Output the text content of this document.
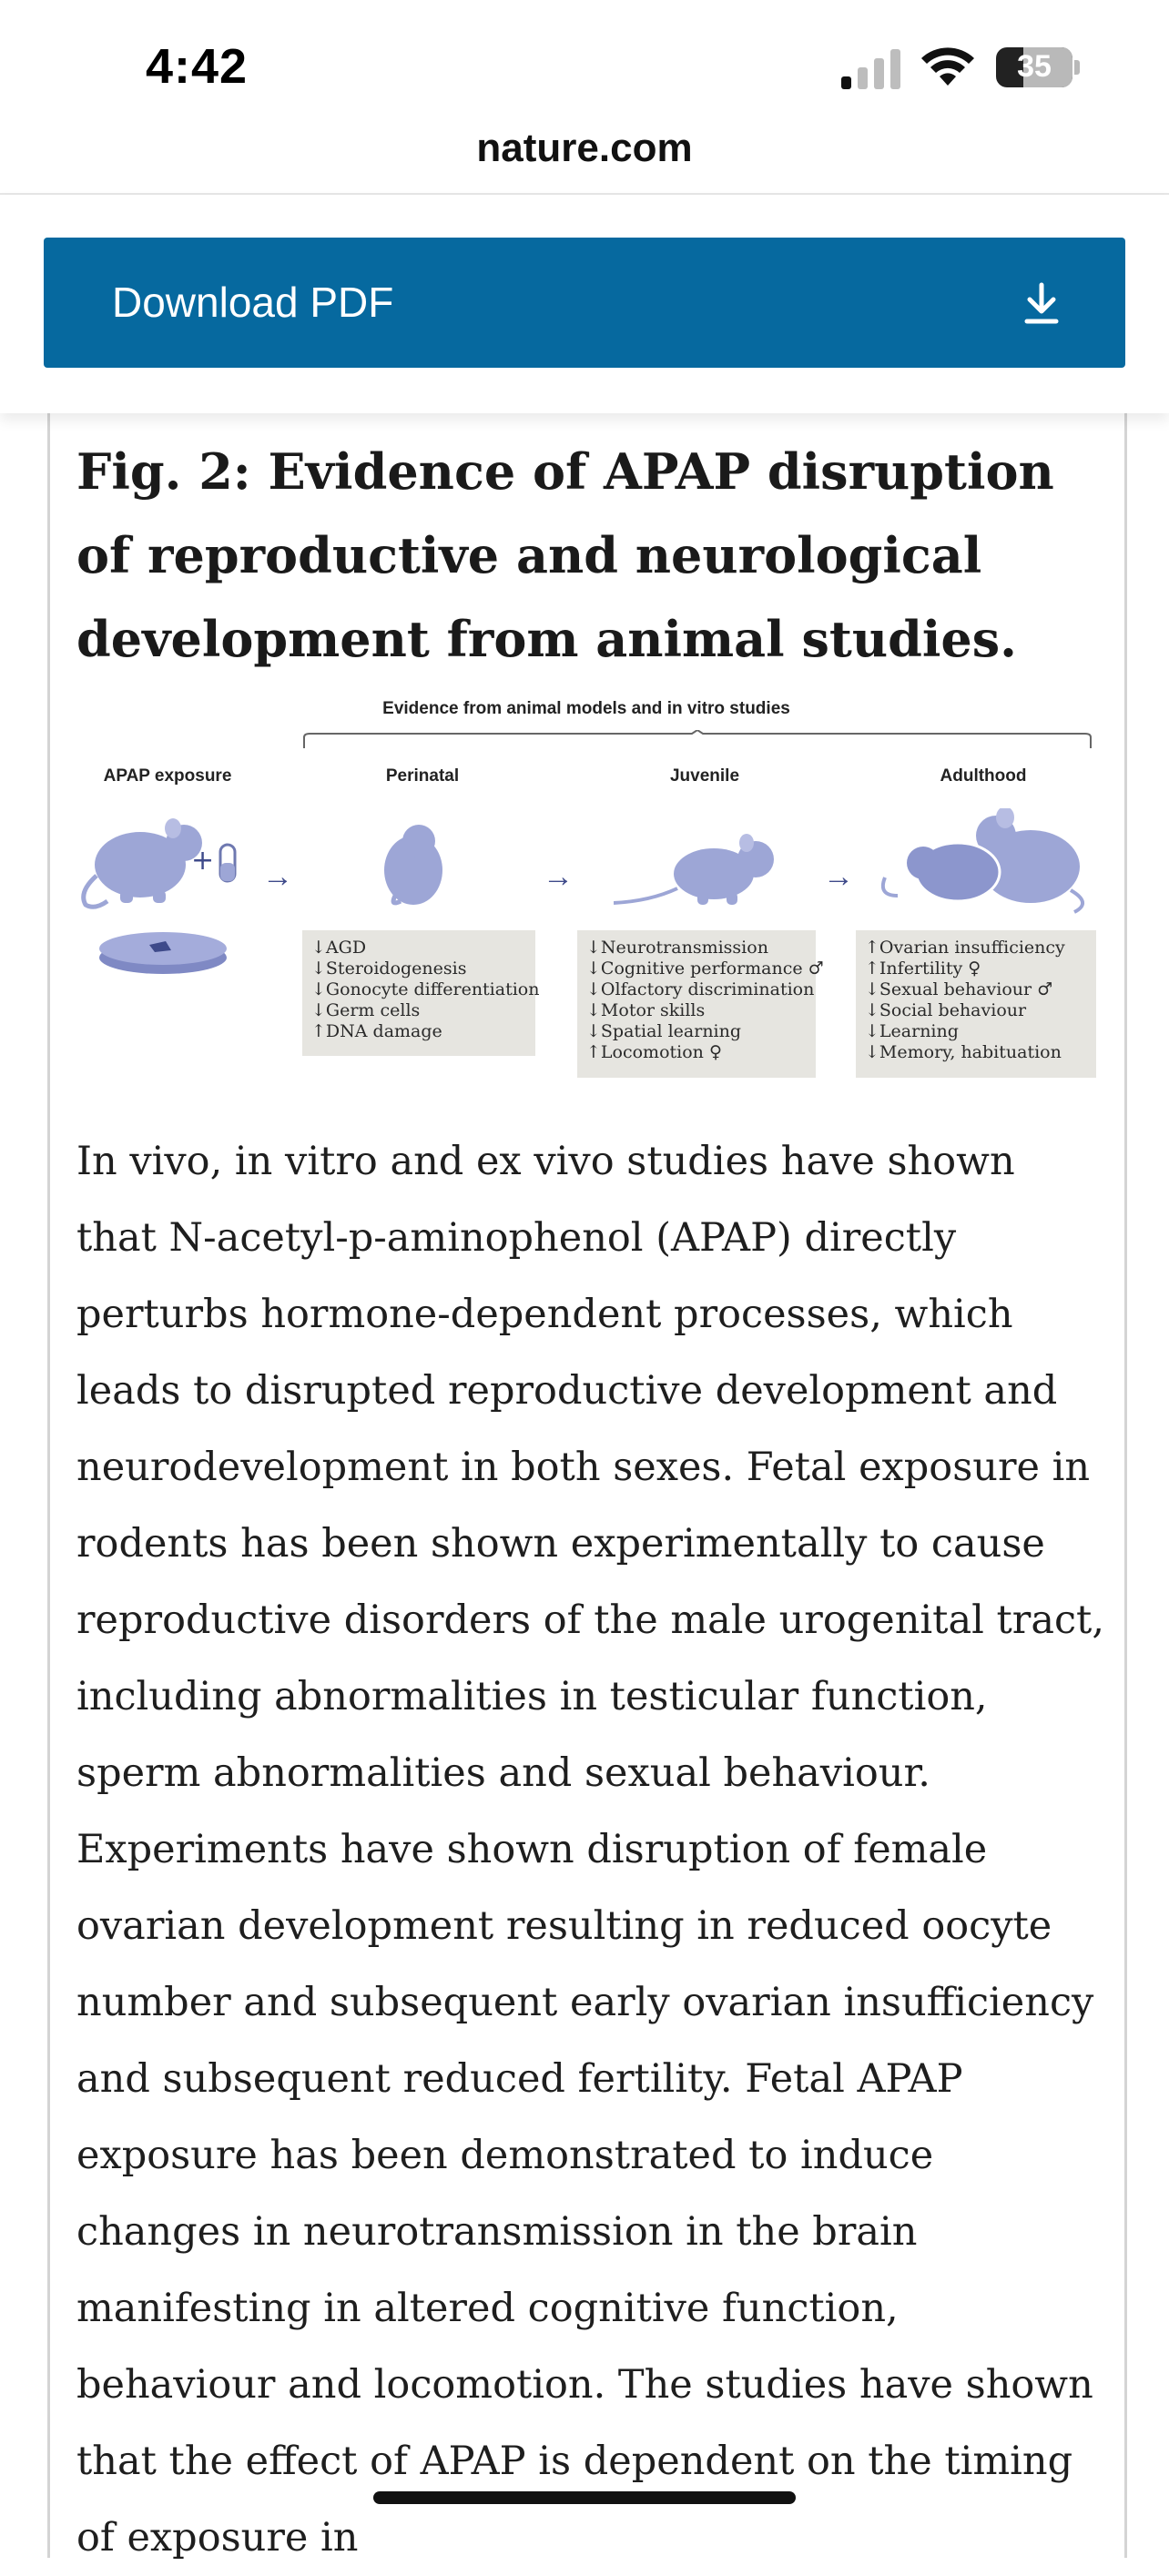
4:42	35
nature.com
Download PDF
Fig. 2: Evidence of APAP disruption of reproductive and neurological development from animal studies.
Evidence from animal models and in vitro studies
APAP exposure	Perinatal	Juvenile	Adulthood
+ →	→	→
↓AGD
↓Steroidogenesis
↓Gonocyte differentiation
↓Germ cells
↑DNA damage
↓Neurotransmission
↓Cognitive performance ♂
↓Olfactory discrimination
↓Motor skills
↓Spatial learning
↑Locomotion ♀
↑Ovarian insufficiency
↑Infertility ♀
↓Sexual behaviour ♂
↓Social behaviour
↓Learning
↓Memory, habituation
In vivo, in vitro and ex vivo studies have shown that N-acetyl-p-aminophenol (APAP) directly perturbs hormone-dependent processes, which leads to disrupted reproductive development and neurodevelopment in both sexes. Fetal exposure in rodents has been shown experimentally to cause reproductive disorders of the male urogenital tract, including abnormalities in testicular function, sperm abnormalities and sexual behaviour. Experiments have shown disruption of female ovarian development resulting in reduced oocyte number and subsequent early ovarian insufficiency and subsequent reduced fertility. Fetal APAP exposure has been demonstrated to induce changes in neurotransmission in the brain manifesting in altered cognitive function, behaviour and locomotion. The studies have shown that the effect of APAP is dependent on the timing of exposure in
